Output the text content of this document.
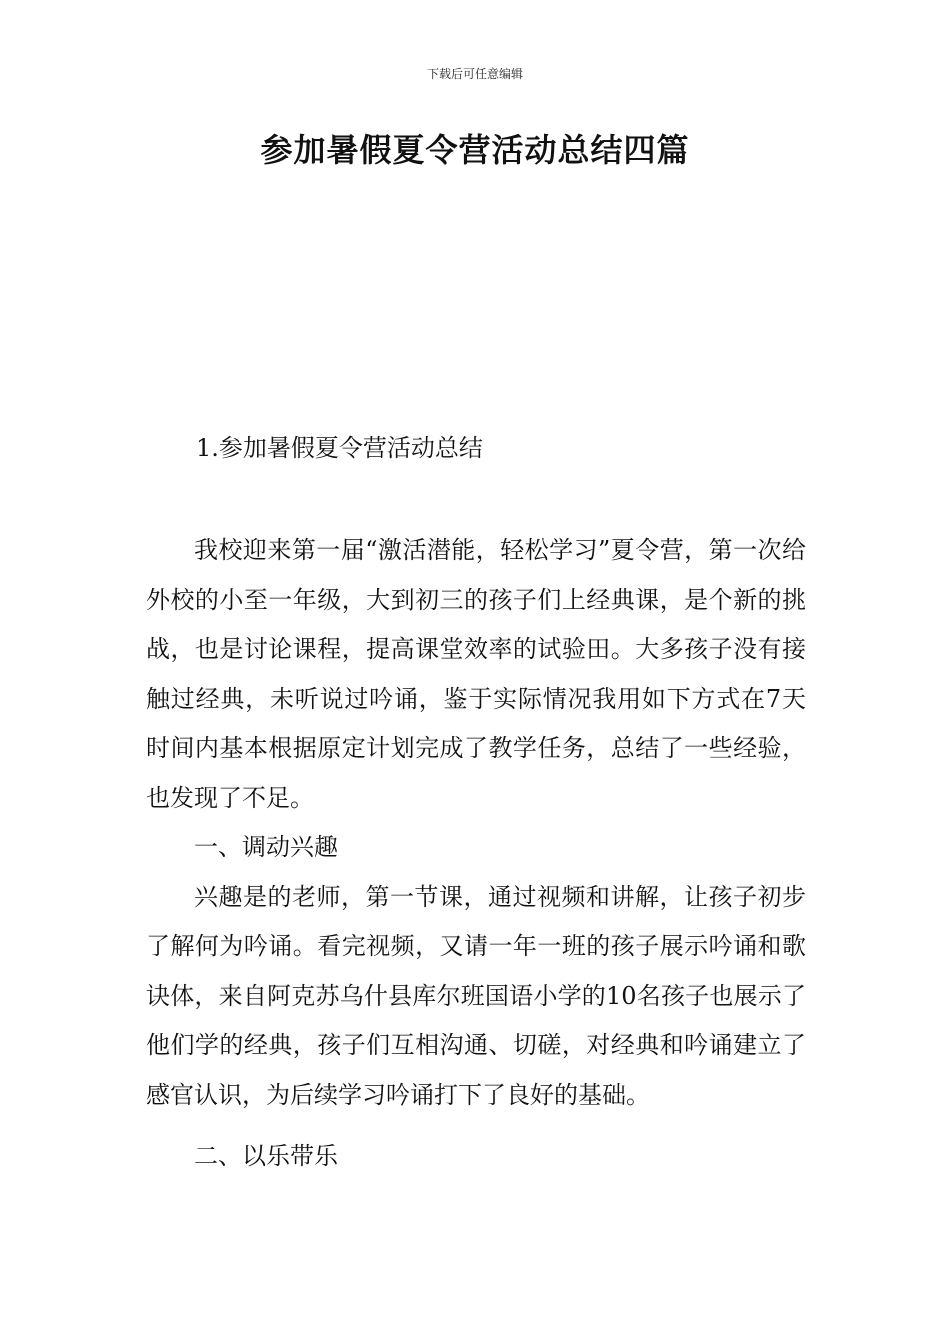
下载后可任意编辑
参加暑假夏令营活动总结四篇
1.参加暑假夏令营活动总结

我校迎来第一届“激活潜能，轻松学习”夏令营，第一次给外校的小至一年级，大到初三的孩子们上经典课，是个新的挑战，也是讨论课程，提高课堂效率的试验田。大多孩子没有接触过经典，未听说过吟诵，鉴于实际情况我用如下方式在7天时间内基本根据原定计划完成了教学任务，总结了一些经验，也发现了不足。

一、调动兴趣

兴趣是的老师，第一节课，通过视频和讲解，让孩子初步了解何为吟诵。看完视频，又请一年一班的孩子展示吟诵和歌诀体，来自阿克苏乌什县库尔班国语小学的10名孩子也展示了他们学的经典，孩子们互相沟通、切磋，对经典和吟诵建立了感官认识，为后续学习吟诵打下了良好的基础。

二、以乐带乐
